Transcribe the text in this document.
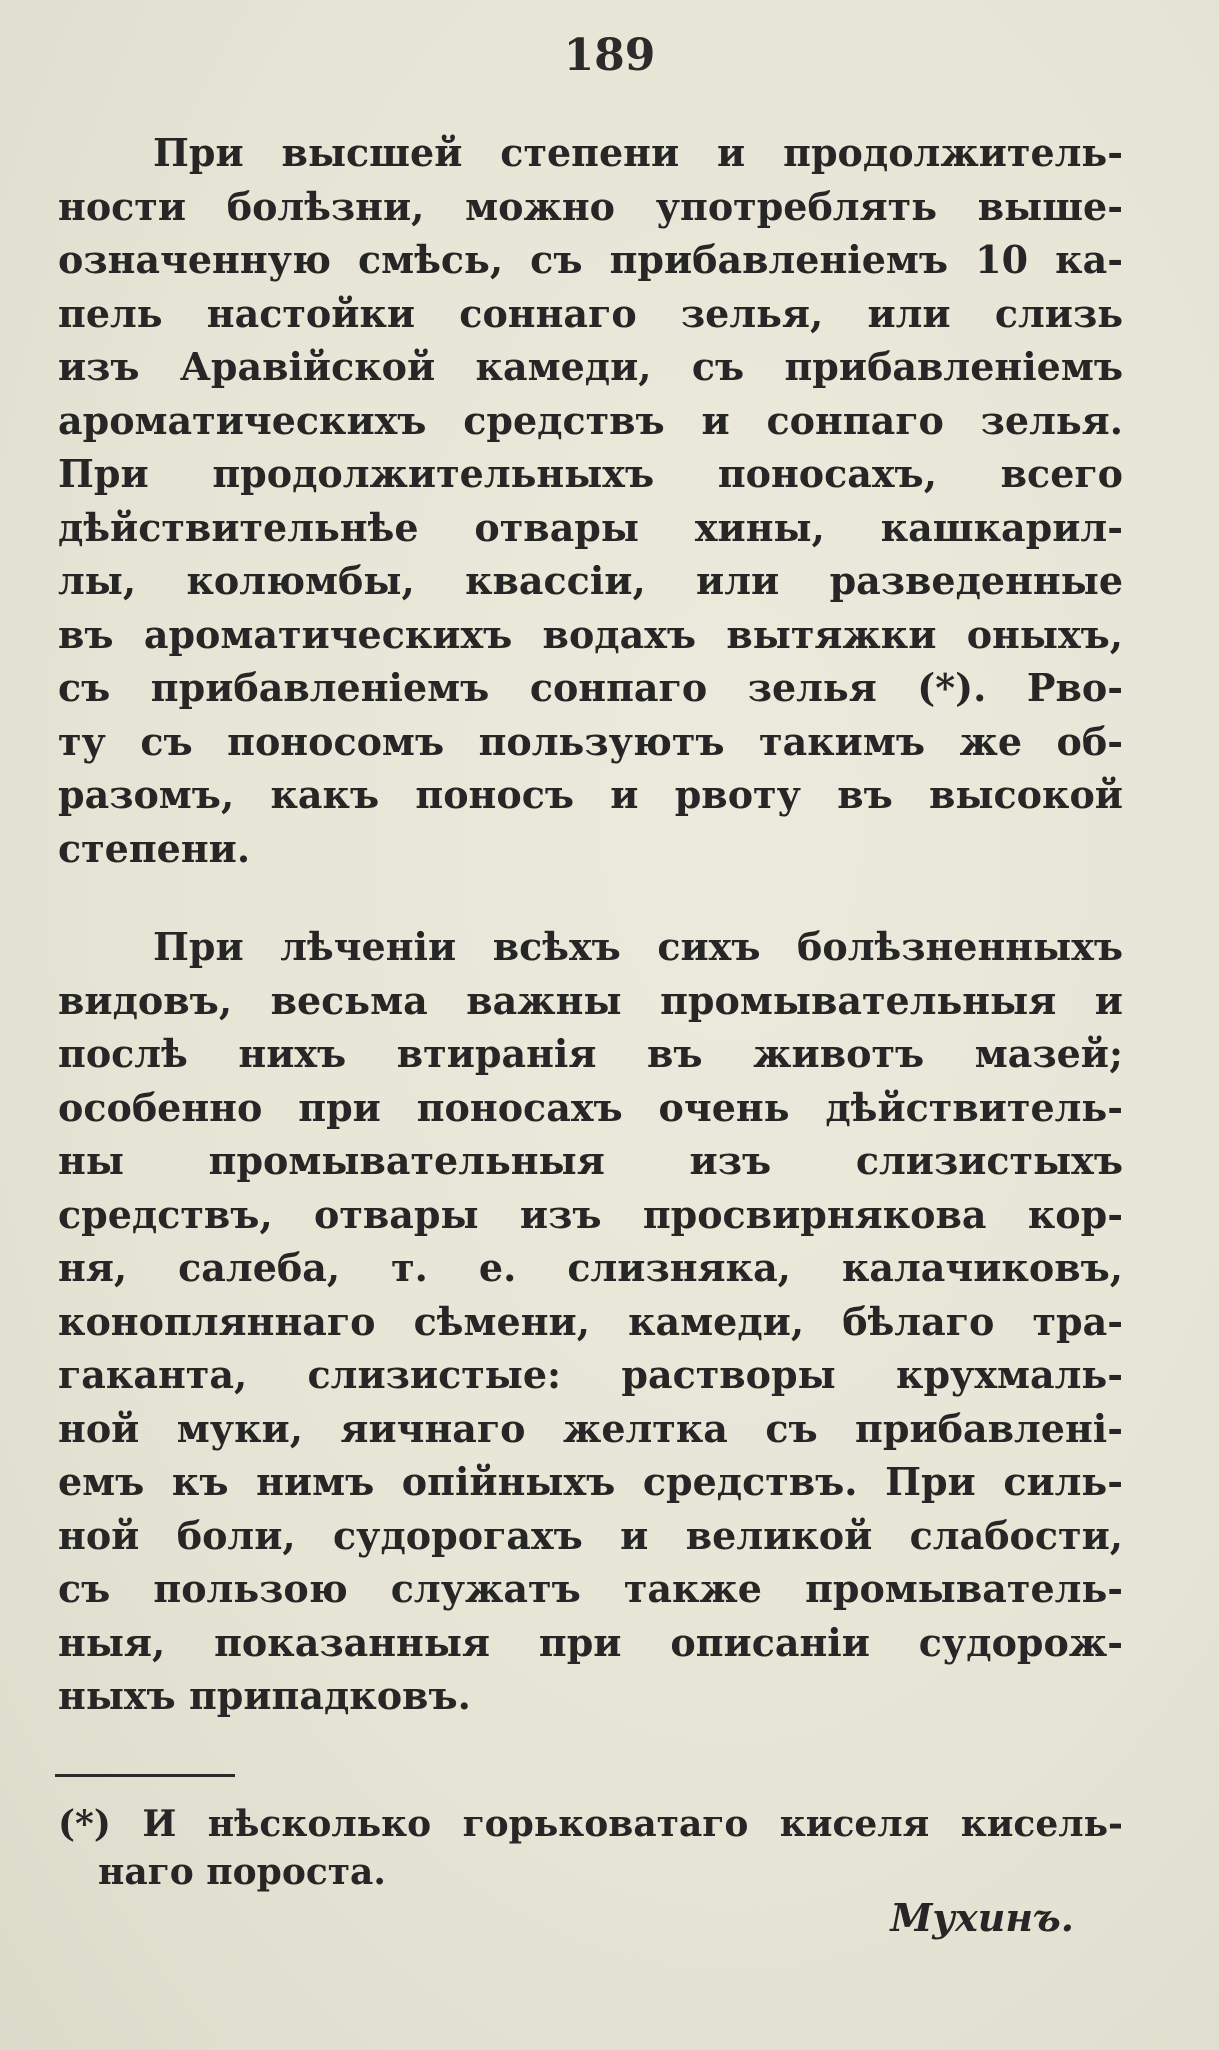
189
При высшей степени и продолжитель-
ности болѣзни, можно употреблять выше-
означенную смѣсь, съ прибавленіемъ 10 ка-
пель настойки соннаго зелья, или слизь
изъ Аравійской камеди, съ прибавленіемъ
ароматическихъ средствъ и сонпаго зелья.
При продолжительныхъ поносахъ, всего
дѣйствительнѣе отвары хины, кашкарил-
лы, колюмбы, квассіи, или разведенные
въ ароматическихъ водахъ вытяжки оныхъ,
съ прибавленіемъ сонпаго зелья (*). Рво-
ту съ поносомъ пользуютъ такимъ же об-
разомъ, какъ поносъ и рвоту въ высокой
степени.
При лѣченіи всѣхъ сихъ болѣзненныхъ
видовъ, весьма важны промывательныя и
послѣ нихъ втиранія въ животъ мазей;
особенно при поносахъ очень дѣйствитель-
ны промывательныя изъ слизистыхъ
средствъ, отвары изъ просвирнякова кор-
ня, салеба, т. е. слизняка, калачиковъ,
конопляннаго сѣмени, камеди, бѣлаго тра-
гаканта, слизистые: растворы крухмаль-
ной муки, яичнаго желтка съ прибавлені-
емъ къ нимъ опійныхъ средствъ. При силь-
ной боли, судорогахъ и великой слабости,
съ пользою служатъ также промыватель-
ныя, показанныя при описаніи судорож-
ныхъ припадковъ.
(*) И нѣсколько горьковатаго киселя кисель-
наго пороста.
Мухинъ.
